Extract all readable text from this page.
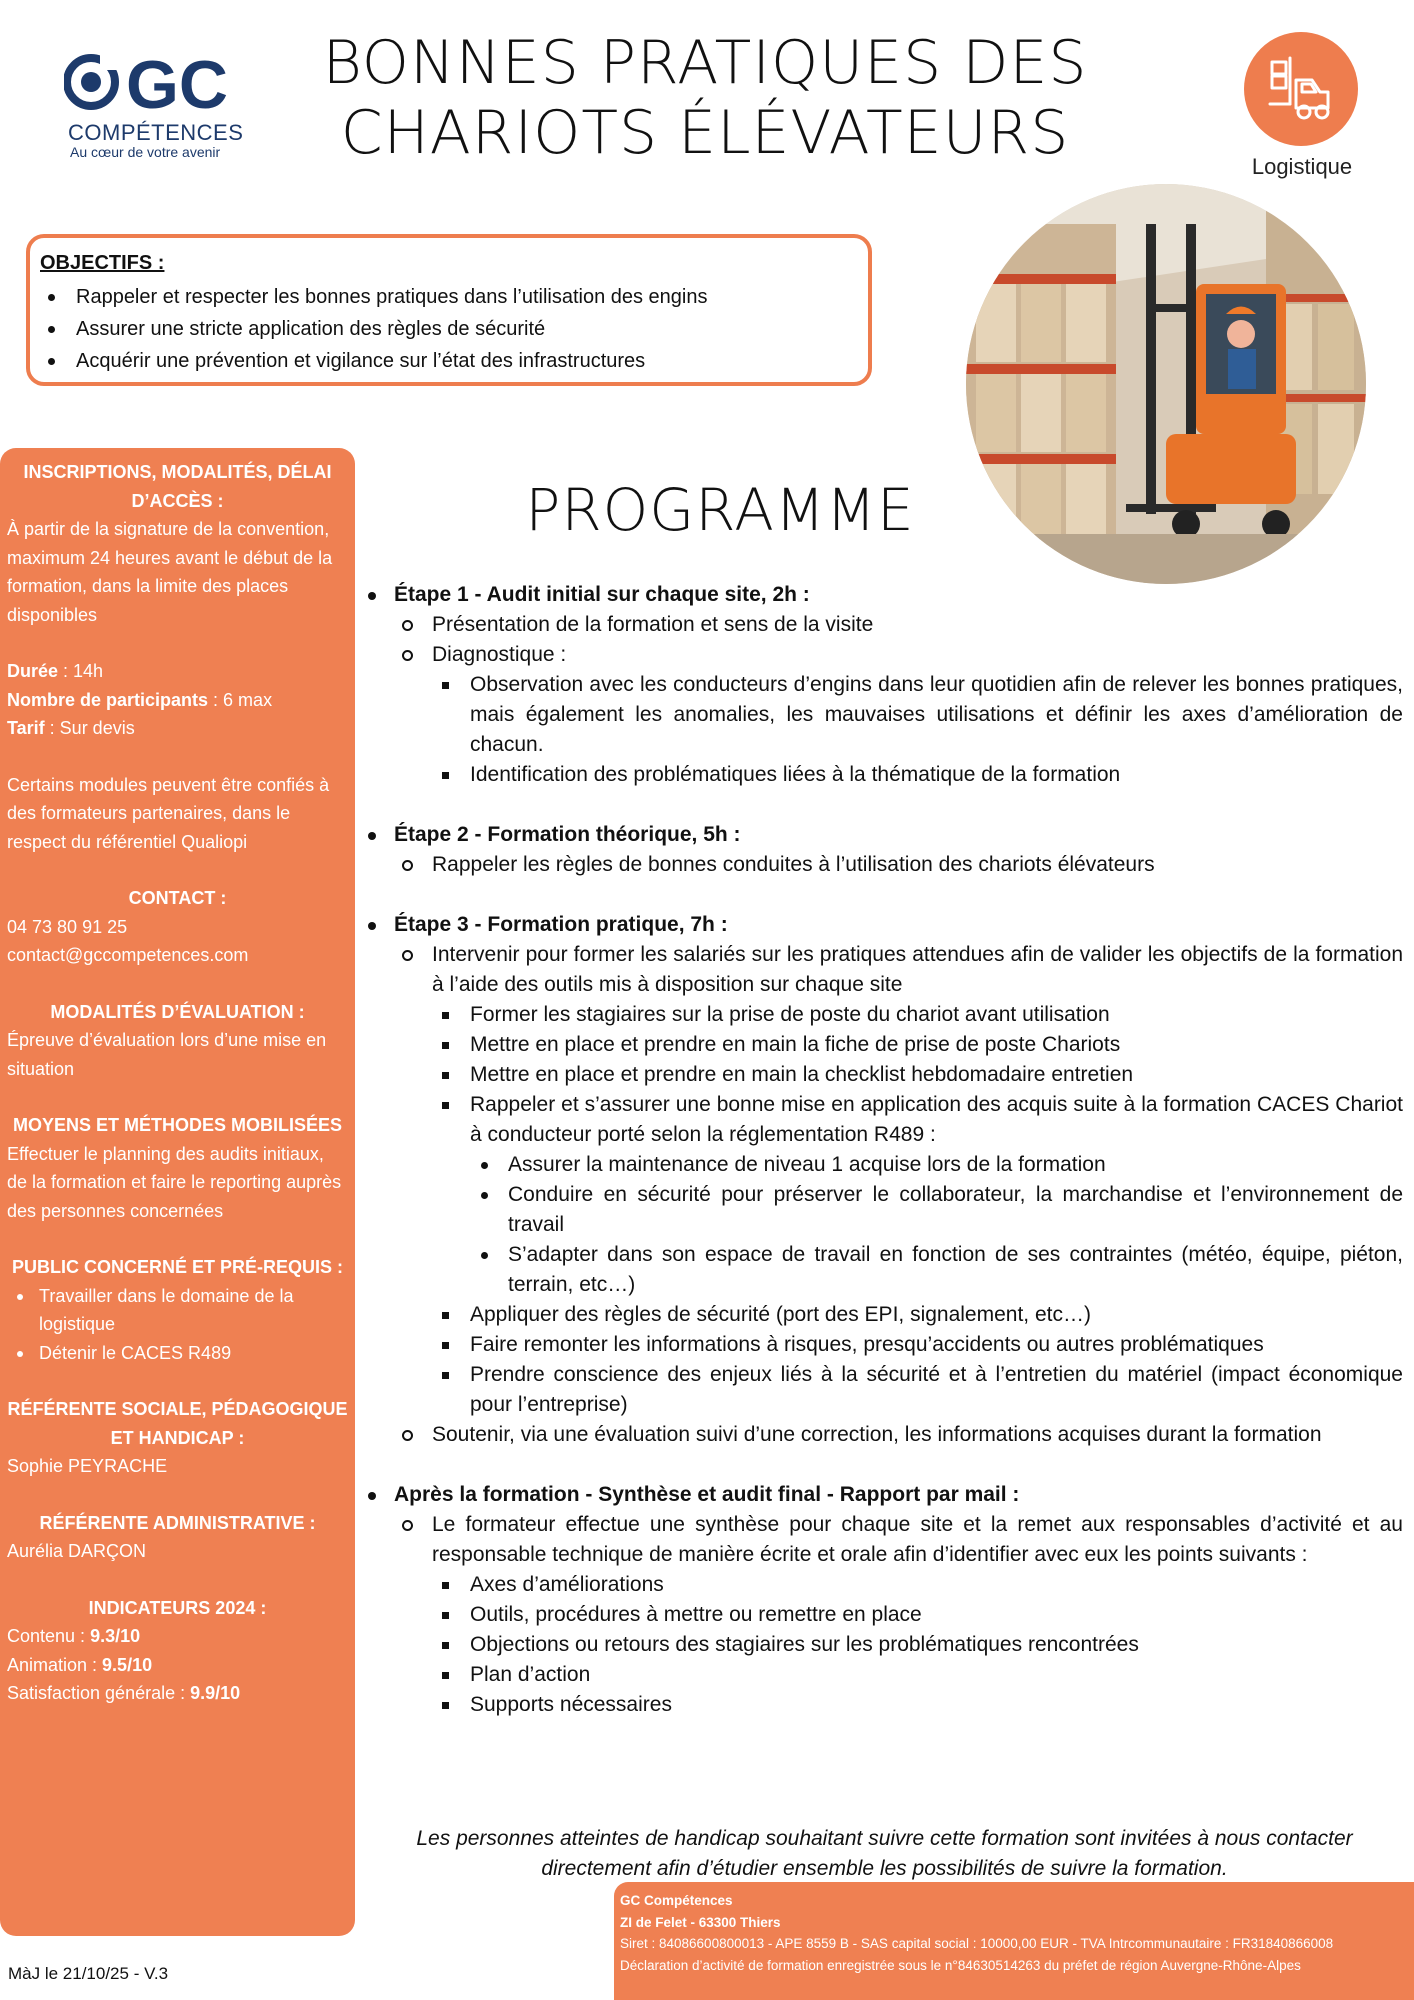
GC
COMPÉTENCES
Au cœur de votre avenir
BONNES PRATIQUES DES
CHARIOTS ÉLÉVATEURS	Logistique
OBJECTIFS :
Rappeler et respecter les bonnes pratiques dans l’utilisation des engins
Assurer une stricte application des règles de sécurité
Acquérir une prévention et vigilance sur l’état des infrastructures
INSCRIPTIONS, MODALITÉS, DÉLAI D’ACCÈS :
À partir de la signature de la convention, maximum 24 heures avant le début de la formation, dans la limite des places disponibles
Durée : 14h
Nombre de participants : 6 max
Tarif : Sur devis
Certains modules peuvent être confiés à des formateurs partenaires, dans le respect du référentiel Qualiopi
CONTACT :
04 73 80 91 25
contact@gccompetences.com
MODALITÉS D’ÉVALUATION :
Épreuve d’évaluation lors d’une mise en situation
MOYENS ET MÉTHODES MOBILISÉES
Effectuer le planning des audits initiaux, de la formation et faire le reporting auprès des personnes concernées
PUBLIC CONCERNÉ ET PRÉ-REQUIS :
Travailler dans le domaine de la logistique
Détenir le CACES R489
RÉFÉRENTE SOCIALE, PÉDAGOGIQUE ET HANDICAP :
Sophie PEYRACHE
RÉFÉRENTE ADMINISTRATIVE :
Aurélia DARÇON
INDICATEURS 2024 :
Contenu : 9.3/10
Animation : 9.5/10
Satisfaction générale : 9.9/10
PROGRAMME
Étape 1 - Audit initial sur chaque site, 2h :
Présentation de la formation et sens de la visite
Diagnostique :
Observation avec les conducteurs d’engins dans leur quotidien afin de relever les bonnes pratiques, mais également les anomalies, les mauvaises utilisations et définir les axes d’amélioration de chacun.
Identification des problématiques liées à la thématique de la formation
Étape 2 - Formation théorique, 5h :
Rappeler les règles de bonnes conduites à l’utilisation des chariots élévateurs
Étape 3 - Formation pratique, 7h :
Intervenir pour former les salariés sur les pratiques attendues afin de valider les objectifs de la formation à l’aide des outils mis à disposition sur chaque site
Former les stagiaires sur la prise de poste du chariot avant utilisation
Mettre en place et prendre en main la fiche de prise de poste Chariots
Mettre en place et prendre en main la checklist hebdomadaire entretien
Rappeler et s’assurer une bonne mise en application des acquis suite à la formation CACES Chariot à conducteur porté selon la réglementation R489 :
Assurer la maintenance de niveau 1 acquise lors de la formation
Conduire en sécurité pour préserver le collaborateur, la marchandise et l’environnement de travail
S’adapter dans son espace de travail en fonction de ses contraintes (météo, équipe, piéton, terrain, etc…)
Appliquer des règles de sécurité (port des EPI, signalement, etc…)
Faire remonter les informations à risques, presqu’accidents ou autres problématiques
Prendre conscience des enjeux liés à la sécurité et à l’entretien du matériel (impact économique pour l’entreprise)
Soutenir, via une évaluation suivi d’une correction, les informations acquises durant la formation
Après la formation - Synthèse et audit final - Rapport par mail :
Le formateur effectue une synthèse pour chaque site et la remet aux responsables d’activité et au responsable technique de manière écrite et orale afin d’identifier avec eux les points suivants :
Axes d’améliorations
Outils, procédures à mettre ou remettre en place
Objections ou retours des stagiaires sur les problématiques rencontrées
Plan d’action
Supports nécessaires
Les personnes atteintes de handicap souhaitant suivre cette formation sont invitées à nous contacter directement afin d’étudier ensemble les possibilités de suivre la formation.
GC Compétences
ZI de Felet - 63300 Thiers
Siret : 84086600800013 - APE 8559 B - SAS capital social : 10000,00 EUR - TVA Intrcommunautaire : FR31840866008
Déclaration d’activité de formation enregistrée sous le n°84630514263 du préfet de région Auvergne-Rhône-Alpes
MàJ le 21/10/25 - V.3
